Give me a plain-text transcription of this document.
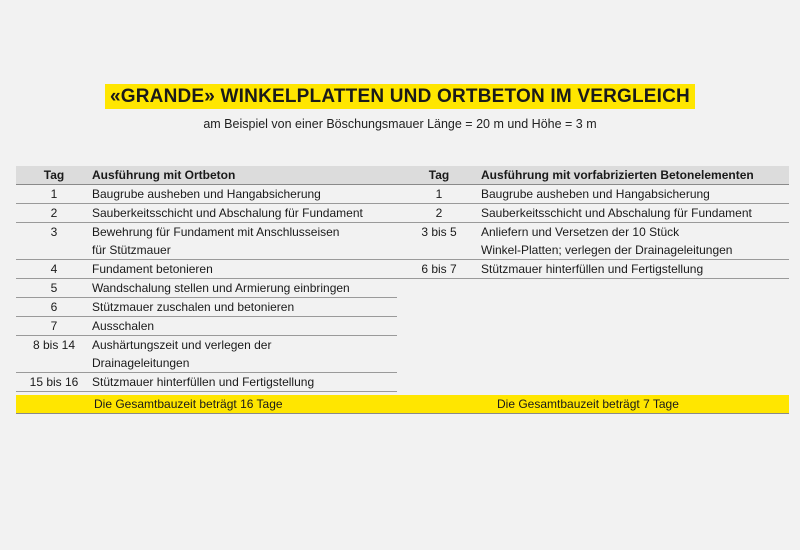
«GRANDE» WINKELPLATTEN UND ORTBETON IM VERGLEICH
am Beispiel von einer Böschungsmauer Länge = 20 m und Höhe = 3 m
Tag	Ausführung mit Ortbeton
1	Baugrube ausheben und Hangabsicherung
2	Sauberkeitsschicht und Abschalung für Fundament
3	Bewehrung für Fundament mit Anschlusseisen
für Stützmauer
4	Fundament betonieren
5	Wandschalung stellen und Armierung einbringen
6	Stützmauer zuschalen und betonieren
7	Ausschalen
8 bis 14	Aushärtungszeit und verlegen der
Drainageleitungen
15 bis 16	Stützmauer hinterfüllen und Fertigstellung
Tag	Ausführung mit vorfabrizierten Betonelementen
1	Baugrube ausheben und Hangabsicherung
2	Sauberkeitsschicht und Abschalung für Fundament
3 bis 5	Anliefern und Versetzen der 10 Stück
Winkel-Platten; verlegen der Drainageleitungen
6 bis 7	Stützmauer hinterfüllen und Fertigstellung
Die Gesamtbauzeit beträgt 16 Tage	Die Gesamtbauzeit beträgt 7 Tage
